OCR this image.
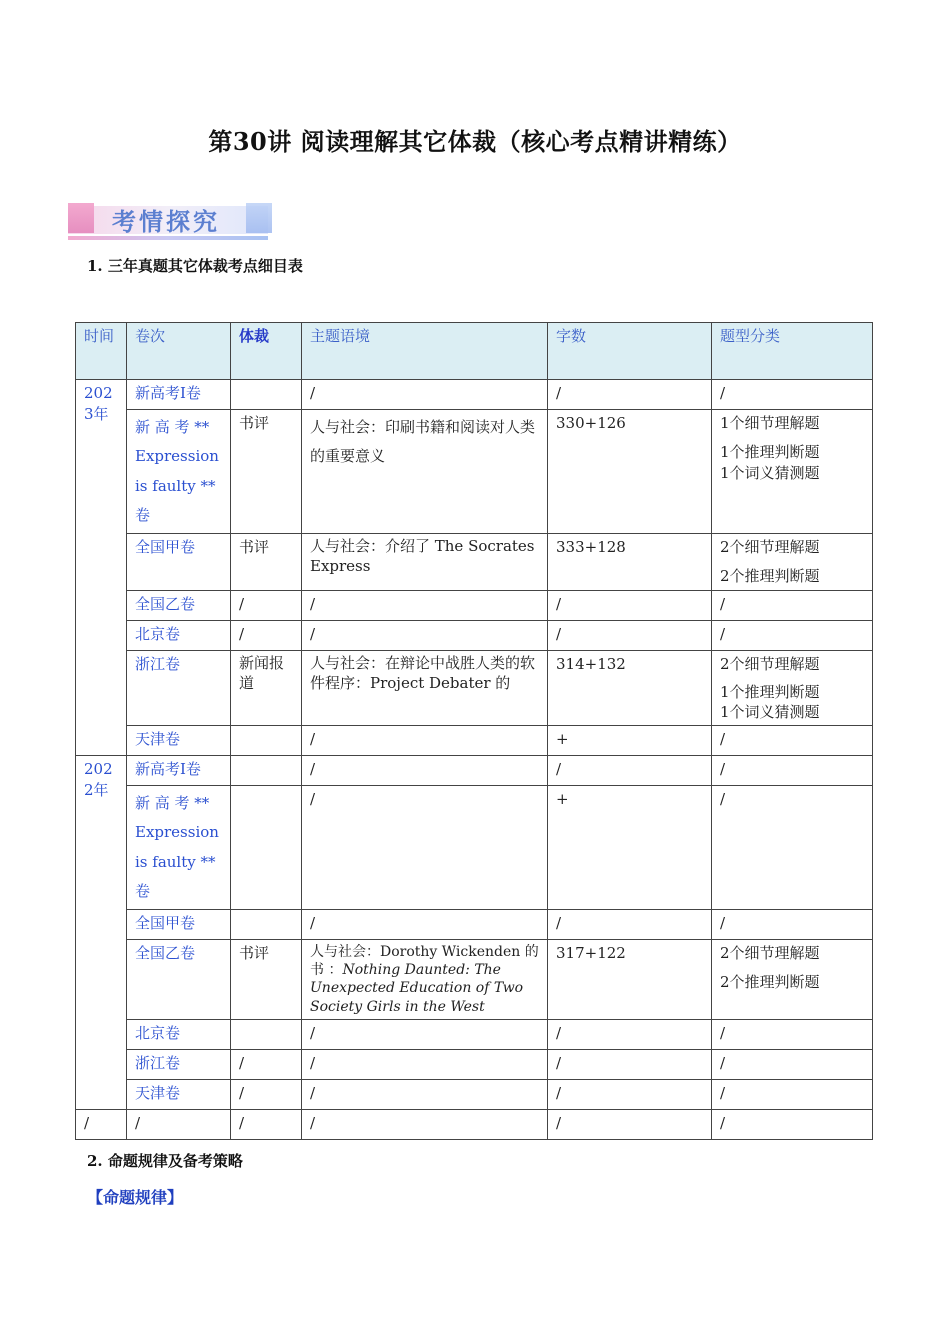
第30讲 阅读理解其它体裁（核心考点精讲精练）
考情探究
1. 三年真题其它体裁考点细目表
时间	卷次	体裁	主题语境	字数	题型分类
2023年	新高考I卷		/	/	/
	新 高 考 ** Expression is faulty ** 卷	书评	人与社会：印刷书籍和阅读对人类的重要意义	330+126	1个细节理解题
1个推理判断题
1个词义猜测题

	全国甲卷	书评	人与社会：介绍了 The Socrates Express	333+128	2个细节理解题
2个推理判断题

	全国乙卷	/	/	/	/
	北京卷	/	/	/	/
	浙江卷	新闻报道	人与社会：在辩论中战胜人类的软件程序：Project Debater 的	314+132	2个细节理解题
1个推理判断题
1个词义猜测题

	天津卷		/	+	/
2022年	新高考I卷		/	/	/
	新 高 考 ** Expression is faulty ** 卷		/	+	/
	全国甲卷		/	/	/
	全国乙卷	书评	人与社会：Dorothy Wickenden 的书 ：Nothing Daunted: The Unexpected Education of Two Society Girls in the West	317+122	2个细节理解题
2个推理判断题

	北京卷		/	/	/
	浙江卷	/	/	/	/
	天津卷	/	/	/	/
/	/	/	/	/	/
2. 命题规律及备考策略
【命题规律】
